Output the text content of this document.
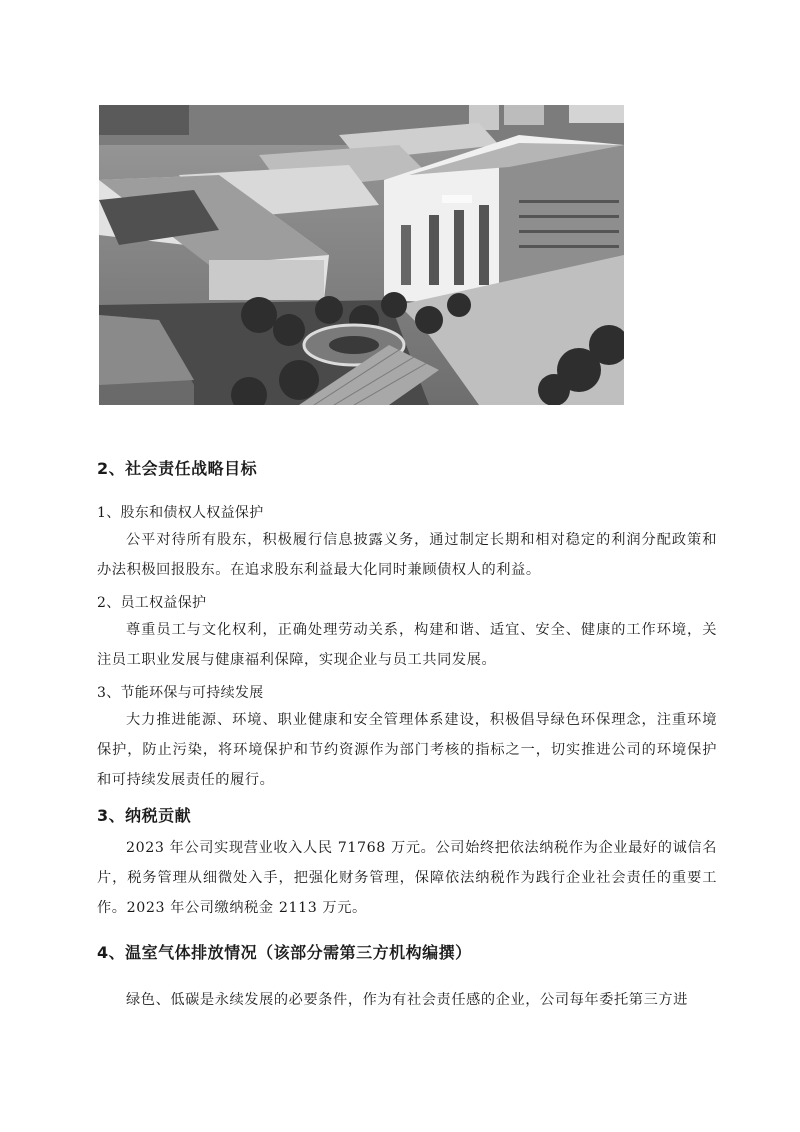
2、社会责任战略目标
1、股东和债权人权益保护
公平对待所有股东，积极履行信息披露义务，通过制定长期和相对稳定的利润分配政策和办法积极回报股东。在追求股东利益最大化同时兼顾债权人的利益。
2、员工权益保护
尊重员工与文化权利，正确处理劳动关系，构建和谐、适宜、安全、健康的工作环境，关注员工职业发展与健康福利保障，实现企业与员工共同发展。
3、节能环保与可持续发展
大力推进能源、环境、职业健康和安全管理体系建设，积极倡导绿色环保理念，注重环境保护，防止污染，将环境保护和节约资源作为部门考核的指标之一，切实推进公司的环境保护和可持续发展责任的履行。
3、纳税贡献
2023 年公司实现营业收入人民 71768 万元。公司始终把依法纳税作为企业最好的诚信名片，税务管理从细微处入手，把强化财务管理，保障依法纳税作为践行企业社会责任的重要工作。2023 年公司缴纳税金 2113 万元。
4、温室气体排放情况（该部分需第三方机构编撰）
绿色、低碳是永续发展的必要条件，作为有社会责任感的企业，公司每年委托第三方进
